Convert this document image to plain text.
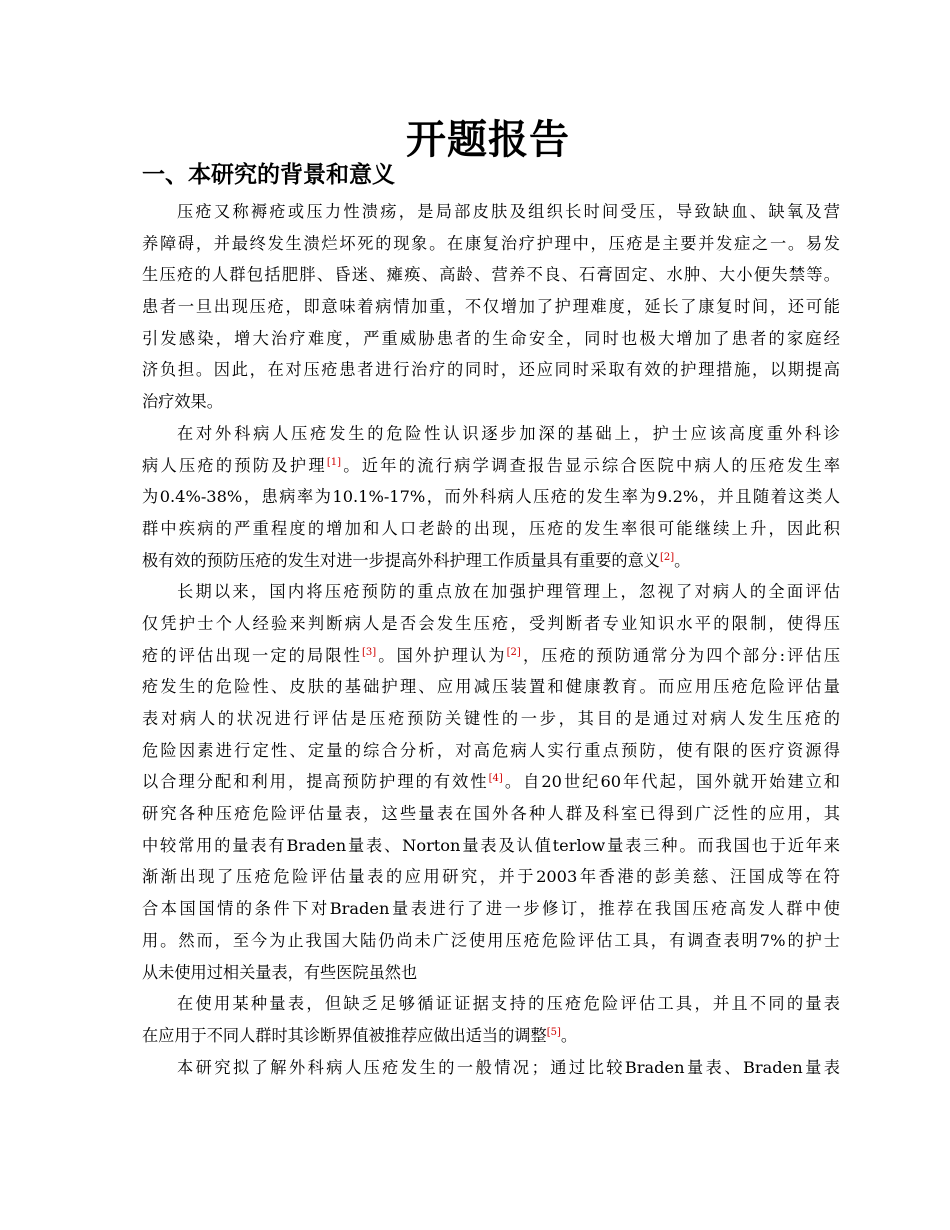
开题报告
一、本研究的背景和意义
压疮又称褥疮或压力性溃疡，是局部皮肤及组织长时间受压，导致缺血、缺氧及营
养障碍，并最终发生溃烂坏死的现象。在康复治疗护理中，压疮是主要并发症之一。易发
生压疮的人群包括肥胖、昏迷、瘫痪、高龄、营养不良、石膏固定、水肿、大小便失禁等。
患者一旦出现压疮，即意味着病情加重，不仅增加了护理难度，延长了康复时间，还可能
引发感染，增大治疗难度，严重威胁患者的生命安全，同时也极大增加了患者的家庭经
济负担。因此，在对压疮患者进行治疗的同时，还应同时采取有效的护理措施，以期提高
治疗效果。
在对外科病人压疮发生的危险性认识逐步加深的基础上，护士应该高度重外科诊
病人压疮的预防及护理[1]。近年的流行病学调查报告显示综合医院中病人的压疮发生率
为0.4%-38%，患病率为10.1%-17%，而外科病人压疮的发生率为9.2%，并且随着这类人
群中疾病的严重程度的增加和人口老龄的出现，压疮的发生率很可能继续上升，因此积
极有效的预防压疮的发生对进一步提高外科护理工作质量具有重要的意义[2]。
长期以来，国内将压疮预防的重点放在加强护理管理上，忽视了对病人的全面评估
仅凭护士个人经验来判断病人是否会发生压疮，受判断者专业知识水平的限制，使得压
疮的评估出现一定的局限性[3]。国外护理认为[2]，压疮的预防通常分为四个部分:评估压
疮发生的危险性、皮肤的基础护理、应用减压装置和健康教育。而应用压疮危险评估量
表对病人的状况进行评估是压疮预防关键性的一步，其目的是通过对病人发生压疮的
危险因素进行定性、定量的综合分析，对高危病人实行重点预防，使有限的医疗资源得
以合理分配和利用，提高预防护理的有效性[4]。自20世纪60年代起，国外就开始建立和
研究各种压疮危险评估量表，这些量表在国外各种人群及科室已得到广泛性的应用，其
中较常用的量表有Braden量表、Norton量表及认值terlow量表三种。而我国也于近年来
渐渐出现了压疮危险评估量表的应用研究，并于2003年香港的彭美慈、汪国成等在符
合本国国情的条件下对Braden量表进行了进一步修订，推荐在我国压疮高发人群中使
用。然而，至今为止我国大陆仍尚未广泛使用压疮危险评估工具，有调查表明7%的护士
从未使用过相关量表，有些医院虽然也
在使用某种量表，但缺乏足够循证证据支持的压疮危险评估工具，并且不同的量表
在应用于不同人群时其诊断界值被推荐应做出适当的调整[5]。
本研究拟了解外科病人压疮发生的一般情况；通过比较Braden量表、Braden量表
